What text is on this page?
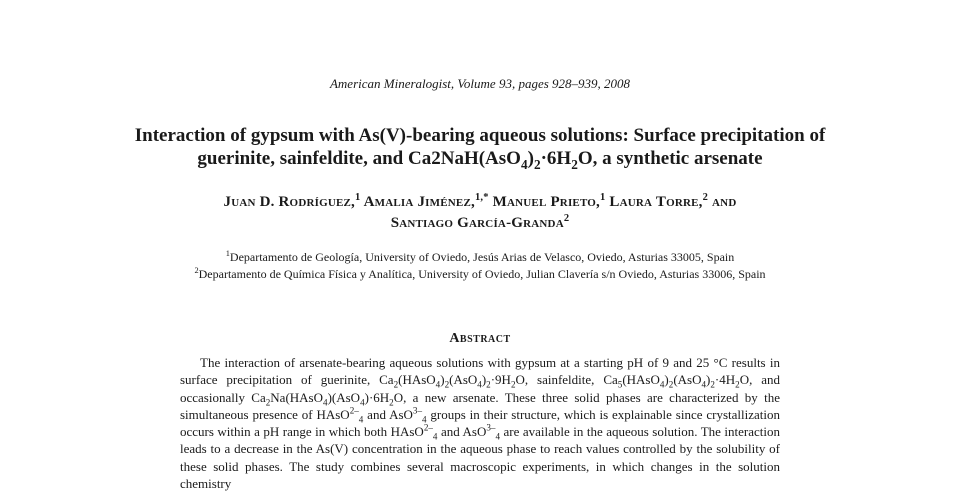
American Mineralogist, Volume 93, pages 928–939, 2008
Interaction of gypsum with As(V)-bearing aqueous solutions: Surface precipitation of
guerinite, sainfeldite, and $Ca2NaH(AsO_4)_2\cdot 6H_2O$, a synthetic arsenate
Juan D. Rodríguez,$^1$ Amalia Jiménez,$^{1,*}$ Manuel Prieto,$^1$ Laura Torre,$^2$ and
Santiago García-Granda$^2$
$^1$Departamento de Geología, University of Oviedo, Jesús Arias de Velasco, Oviedo, Asturias 33005, Spain
$^2$Departamento de Química Física y Analítica, University of Oviedo, Julian Clavería s/n Oviedo, Asturias 33006, Spain
Abstract

The interaction of arsenate-bearing aqueous solutions with gypsum at a starting pH of 9 and 25 °C results in surface precipitation of guerinite, $Ca_2(HAsO_4)_2(AsO_4)_2\cdot 9H_2O$, sainfeldite, $Ca_5(HAsO_4)_2(AsO_4)_2\cdot 4H_2O$, and occasionally $Ca_2Na(HAsO_4)(AsO_4)\cdot 6H_2O$, a new arsenate. These three solid phases are characterized by the simultaneous presence of HAsO$^{2-}_4$ and AsO$^{3-}_4$ groups in their structure, which is explainable since crystallization occurs within a pH range in which both HAsO$^{2-}_4$ and AsO$^{3-}_4$ are available in the aqueous solution. The interaction leads to a decrease in the As(V) concentration in the aqueous phase to reach values controlled by the solubility of these solid phases. The study combines several macroscopic experiments, in which changes in the solution chemistry
